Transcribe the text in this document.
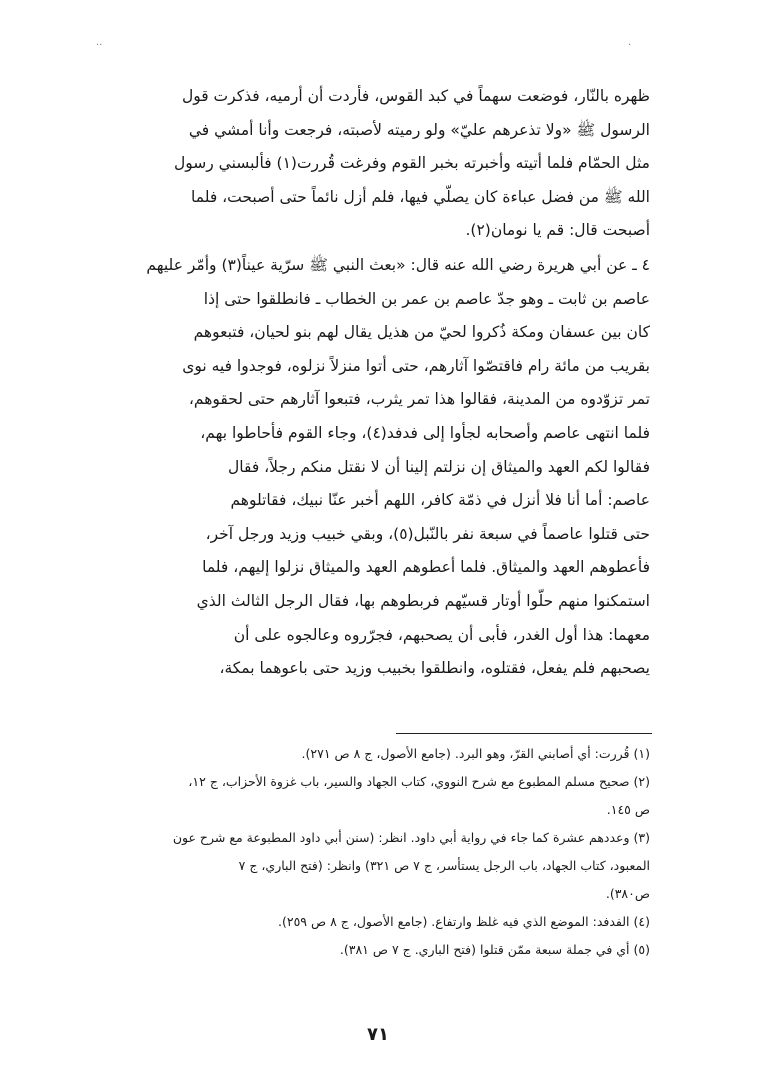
..	.

ظهره بالنّار، فوضعت سهماً في كبد القوس، فأردت أن أرميه، فذكرت قول
الرسول ﷺ «ولا تذعرهم عليّ» ولو رميته لأصبته، فرجعت وأنا أمشي في
مثل الحمّام فلما أتيته وأخبرته بخبر القوم وفرغت قُررت(١) فألبسني رسول
الله ﷺ من فضل عباءة كان يصلّي فيها، فلم أزل نائماً حتى أصبحت، فلما
أصبحت قال: قم يا نومان(٢).

٤ ـ عن أبي هريرة رضي الله عنه قال: «بعث النبي ﷺ سرّية عيناً(٣) وأمّر عليهم
عاصم بن ثابت ـ وهو جدّ عاصم بن عمر بن الخطاب ـ فانطلقوا حتى إذا
كان بين عسفان ومكة ذُكروا لحيّ من هذيل يقال لهم بنو لحيان، فتبعوهم
بقريب من مائة رام فاقتصّوا آثارهم، حتى أتوا منزلاً نزلوه، فوجدوا فيه نوى
تمر تزوّدوه من المدينة، فقالوا هذا تمر يثرب، فتبعوا آثارهم حتى لحقوهم،
فلما انتهى عاصم وأصحابه لجأوا إلى فدفد(٤)، وجاء القوم فأحاطوا بهم،
فقالوا لكم العهد والميثاق إن نزلتم إلينا أن لا نقتل منكم رجلاً، فقال
عاصم: أما أنا فلا أنزل في ذمّة كافر، اللهم أخبر عنّا نبيك، فقاتلوهم
حتى قتلوا عاصماً في سبعة نفر بالنّبل(٥)، وبقي خبيب وزيد ورجل آخر،
فأعطوهم العهد والميثاق. فلما أعطوهم العهد والميثاق نزلوا إليهم، فلما
استمكنوا منهم حلّوا أوتار قسيّهم فربطوهم بها، فقال الرجل الثالث الذي
معهما: هذا أول الغدر، فأبى أن يصحبهم، فجرّروه وعالجوه على أن
يصحبهم فلم يفعل، فقتلوه، وانطلقوا بخبيب وزيد حتى باعوهما بمكة،

(١) قُررت: أي أصابني القرّ، وهو البرد. (جامع الأصول، ج ٨ ص ٢٧١).
(٢) صحيح مسلم المطبوع مع شرح النووي، كتاب الجهاد والسير، باب غزوة الأحزاب، ج ١٢،
ص ١٤٥.
(٣) وعددهم عشرة كما جاء في رواية أبي داود. انظر: (سنن أبي داود المطبوعة مع شرح عون
المعبود، كتاب الجهاد، باب الرجل يستأسر، ج ٧ ص ٣٢١) وانظر: (فتح الباري، ج ٧
ص٣٨٠).
(٤) الفدفد: الموضع الذي فيه غلظ وارتفاع. (جامع الأصول، ج ٨ ص ٢٥٩).
(٥) أي في جملة سبعة ممّن قتلوا (فتح الباري. ج ٧ ص ٣٨١).
٧١
